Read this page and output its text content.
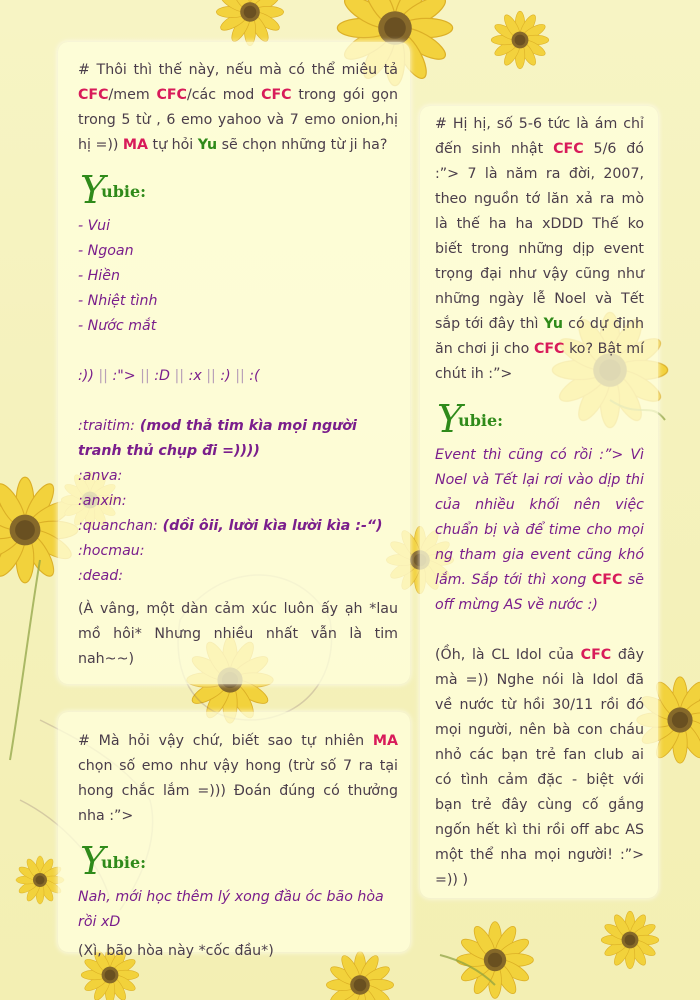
# Thôi thì thế này, nếu mà có thể miêu tả CFC/mem CFC/các mod CFC trong gói gọn trong 5 từ , 6 emo yahoo và 7 emo onion,hị hị =)) MA tự hỏi Yu sẽ chọn những từ ji ha?
Y
ubie:
- Vui
- Ngoan
- Hiền
- Nhiệt tình
- Nước mắt
:)) || :"> || :D || :x || :) || :(
:traitim: (mod thả tim kìa mọi người tranh thủ chụp đi =))))
:anva:
:anxin:
:quanchan: (dồi ôii, lười kìa lười kìa :-“)
:hocmau:
:dead:
(À vâng, một dàn cảm xúc luôn ấy ạh *lau mồ hôi* Nhưng nhiều nhất vẫn là tim nah~~)
# Hị hị, số 5-6 tức là ám chỉ đến sinh nhật CFC 5/6 đó :”> 7 là năm ra đời, 2007, theo nguồn tớ lăn xả ra mò là thế ha ha xDDD Thế ko biết trong những dịp event trọng đại như vậy cũng như những ngày lễ Noel và Tết sắp tới đây thì Yu có dự định ăn chơi ji cho CFC ko? Bật mí chút ih :”>
Y
ubie:
Event thì cũng có rồi :”> Vì Noel và Tết lại rơi vào dịp thi của nhiều khối nên việc chuẩn bị và để time cho mọi ng tham gia event cũng khó lắm. Sắp tới thì xong CFC sẽ off mừng AS về nước :)
(Ồh, là CL Idol của CFC đây mà =)) Nghe nói là Idol đã về nước từ hồi 30/11 rồi đó mọi người, nên bà con cháu nhỏ các bạn trẻ fan club ai có tình cảm đặc - biệt với bạn trẻ đây cùng cố gắng ngốn hết kì thi rồi off abc AS một thể nha mọi người! :”> =)) )
# Mà hỏi vậy chứ, biết sao tự nhiên MA chọn số emo như vậy hong (trừ số 7 ra tại hong chắc lắm =))) Đoán đúng có thưởng nha :”>
Y
ubie:
Nah, mới học thêm lý xong đầu óc bão hòa rồi xD
(Xì, bão hòa này *cốc đầu*)
